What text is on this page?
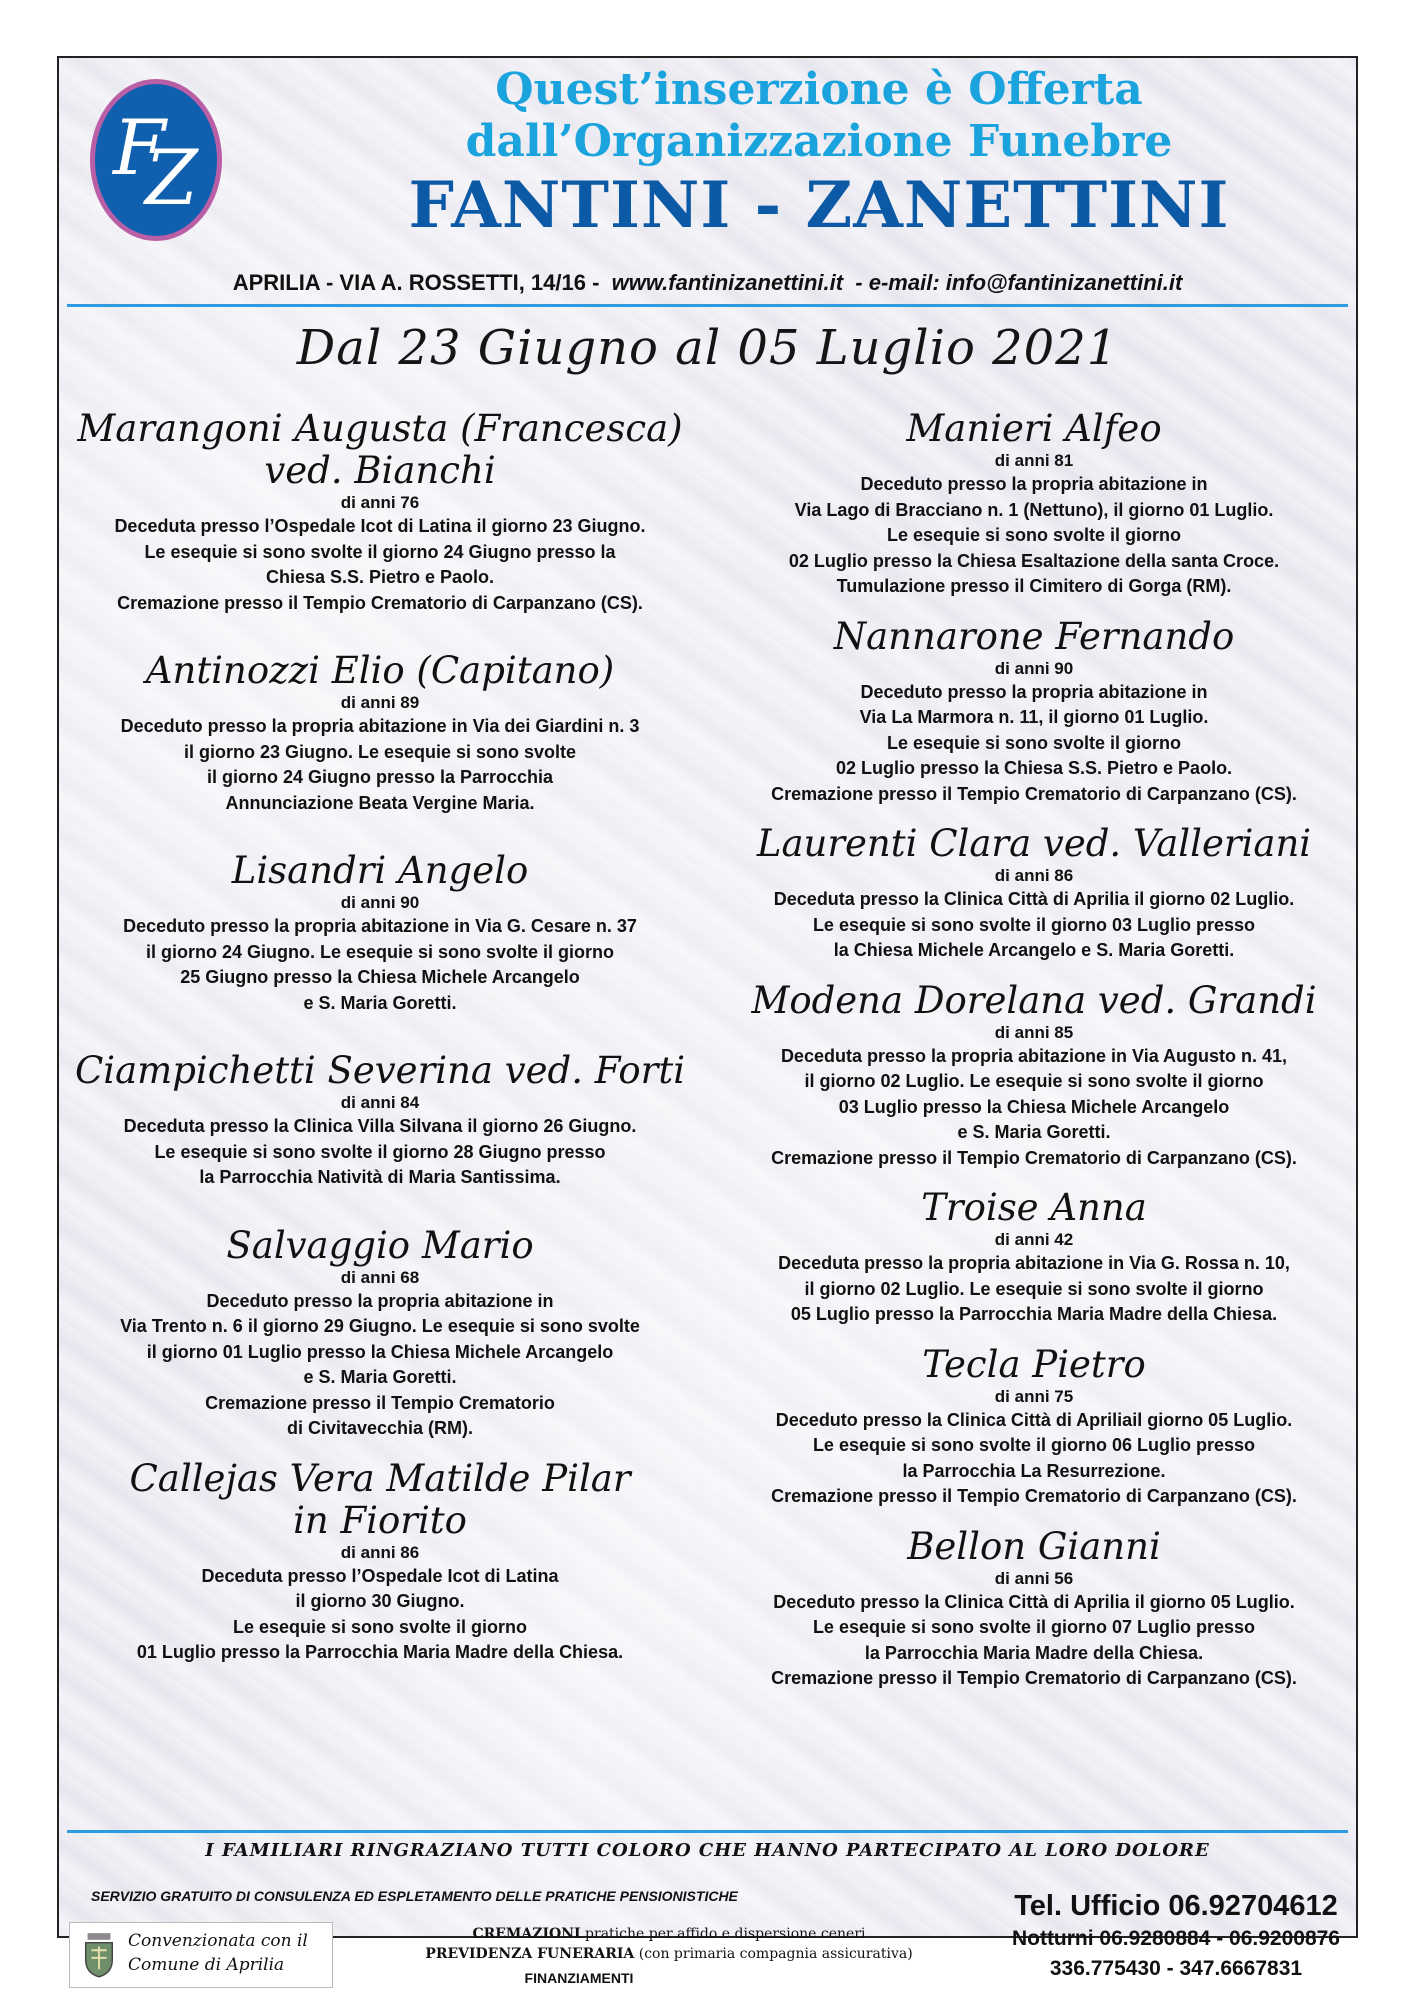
F
Z
Quest’inserzione è Offerta
dall’Organizzazione Funebre
FANTINI - ZANETTINI
APRILIA - VIA A. ROSSETTI, 14/16 - www.fantinizanettini.it - e-mail: info@fantinizanettini.it
Dal 23 Giugno al 05 Luglio 2021
Marangoni Augusta (Francesca)
ved. Bianchi
di anni 76
Deceduta presso l’Ospedale Icot di Latina il giorno 23 Giugno.
Le esequie si sono svolte il giorno 24 Giugno presso la
Chiesa S.S. Pietro e Paolo.
Cremazione presso il Tempio Crematorio di Carpanzano (CS).
Antinozzi Elio (Capitano)
di anni 89
Deceduto presso la propria abitazione in Via dei Giardini n. 3
il giorno 23 Giugno. Le esequie si sono svolte
il giorno 24 Giugno presso la Parrocchia
Annunciazione Beata Vergine Maria.
Lisandri Angelo
di anni 90
Deceduto presso la propria abitazione in Via G. Cesare n. 37
il giorno 24 Giugno. Le esequie si sono svolte il giorno
25 Giugno presso la Chiesa Michele Arcangelo
e S. Maria Goretti.
Ciampichetti Severina ved. Forti
di anni 84
Deceduta presso la Clinica Villa Silvana il giorno 26 Giugno.
Le esequie si sono svolte il giorno 28 Giugno presso
la Parrocchia Natività di Maria Santissima.
Salvaggio Mario
di anni 68
Deceduto presso la propria abitazione in
Via Trento n. 6 il giorno 29 Giugno. Le esequie si sono svolte
il giorno 01 Luglio presso la Chiesa Michele Arcangelo
e S. Maria Goretti.
Cremazione presso il Tempio Crematorio
di Civitavecchia (RM).
Callejas Vera Matilde Pilar
in Fiorito
di anni 86
Deceduta presso l’Ospedale Icot di Latina
il giorno 30 Giugno.
Le esequie si sono svolte il giorno
01 Luglio presso la Parrocchia Maria Madre della Chiesa.
Manieri Alfeo
di anni 81
Deceduto presso la propria abitazione in
Via Lago di Bracciano n. 1 (Nettuno), il giorno 01 Luglio.
Le esequie si sono svolte il giorno
02 Luglio presso la Chiesa Esaltazione della santa Croce.
Tumulazione presso il Cimitero di Gorga (RM).
Nannarone Fernando
di anni 90
Deceduto presso la propria abitazione in
Via La Marmora n. 11, il giorno 01 Luglio.
Le esequie si sono svolte il giorno
02 Luglio presso la Chiesa S.S. Pietro e Paolo.
Cremazione presso il Tempio Crematorio di Carpanzano (CS).
Laurenti Clara ved. Valleriani
di anni 86
Deceduta presso la Clinica Città di Aprilia il giorno 02 Luglio.
Le esequie si sono svolte il giorno 03 Luglio presso
la Chiesa Michele Arcangelo e S. Maria Goretti.
Modena Dorelana ved. Grandi
di anni 85
Deceduta presso la propria abitazione in Via Augusto n. 41,
il giorno 02 Luglio. Le esequie si sono svolte il giorno
03 Luglio presso la Chiesa Michele Arcangelo
e S. Maria Goretti.
Cremazione presso il Tempio Crematorio di Carpanzano (CS).
Troise Anna
di anni 42
Deceduta presso la propria abitazione in Via G. Rossa n. 10,
il giorno 02 Luglio. Le esequie si sono svolte il giorno
05 Luglio presso la Parrocchia Maria Madre della Chiesa.
Tecla Pietro
di anni 75
Deceduto presso la Clinica Città di Apriliail giorno 05 Luglio.
Le esequie si sono svolte il giorno 06 Luglio presso
la Parrocchia La Resurrezione.
Cremazione presso il Tempio Crematorio di Carpanzano (CS).
Bellon Gianni
di anni 56
Deceduto presso la Clinica Città di Aprilia il giorno 05 Luglio.
Le esequie si sono svolte il giorno 07 Luglio presso
la Parrocchia Maria Madre della Chiesa.
Cremazione presso il Tempio Crematorio di Carpanzano (CS).
I FAMILIARI RINGRAZIANO TUTTI COLORO CHE HANNO PARTECIPATO AL LORO DOLORE
SERVIZIO GRATUITO DI CONSULENZA ED ESPLETAMENTO DELLE PRATICHE PENSIONISTICHE
Convenzionata con il
Comune di Aprilia
CREMAZIONI pratiche per affido e dispersione ceneri
PREVIDENZA FUNERARIA (con primaria compagnia assicurativa)
FINANZIAMENTI
Tel. Ufficio 06.92704612
Notturni 06.9280884 - 06.9200876
336.775430 - 347.6667831
